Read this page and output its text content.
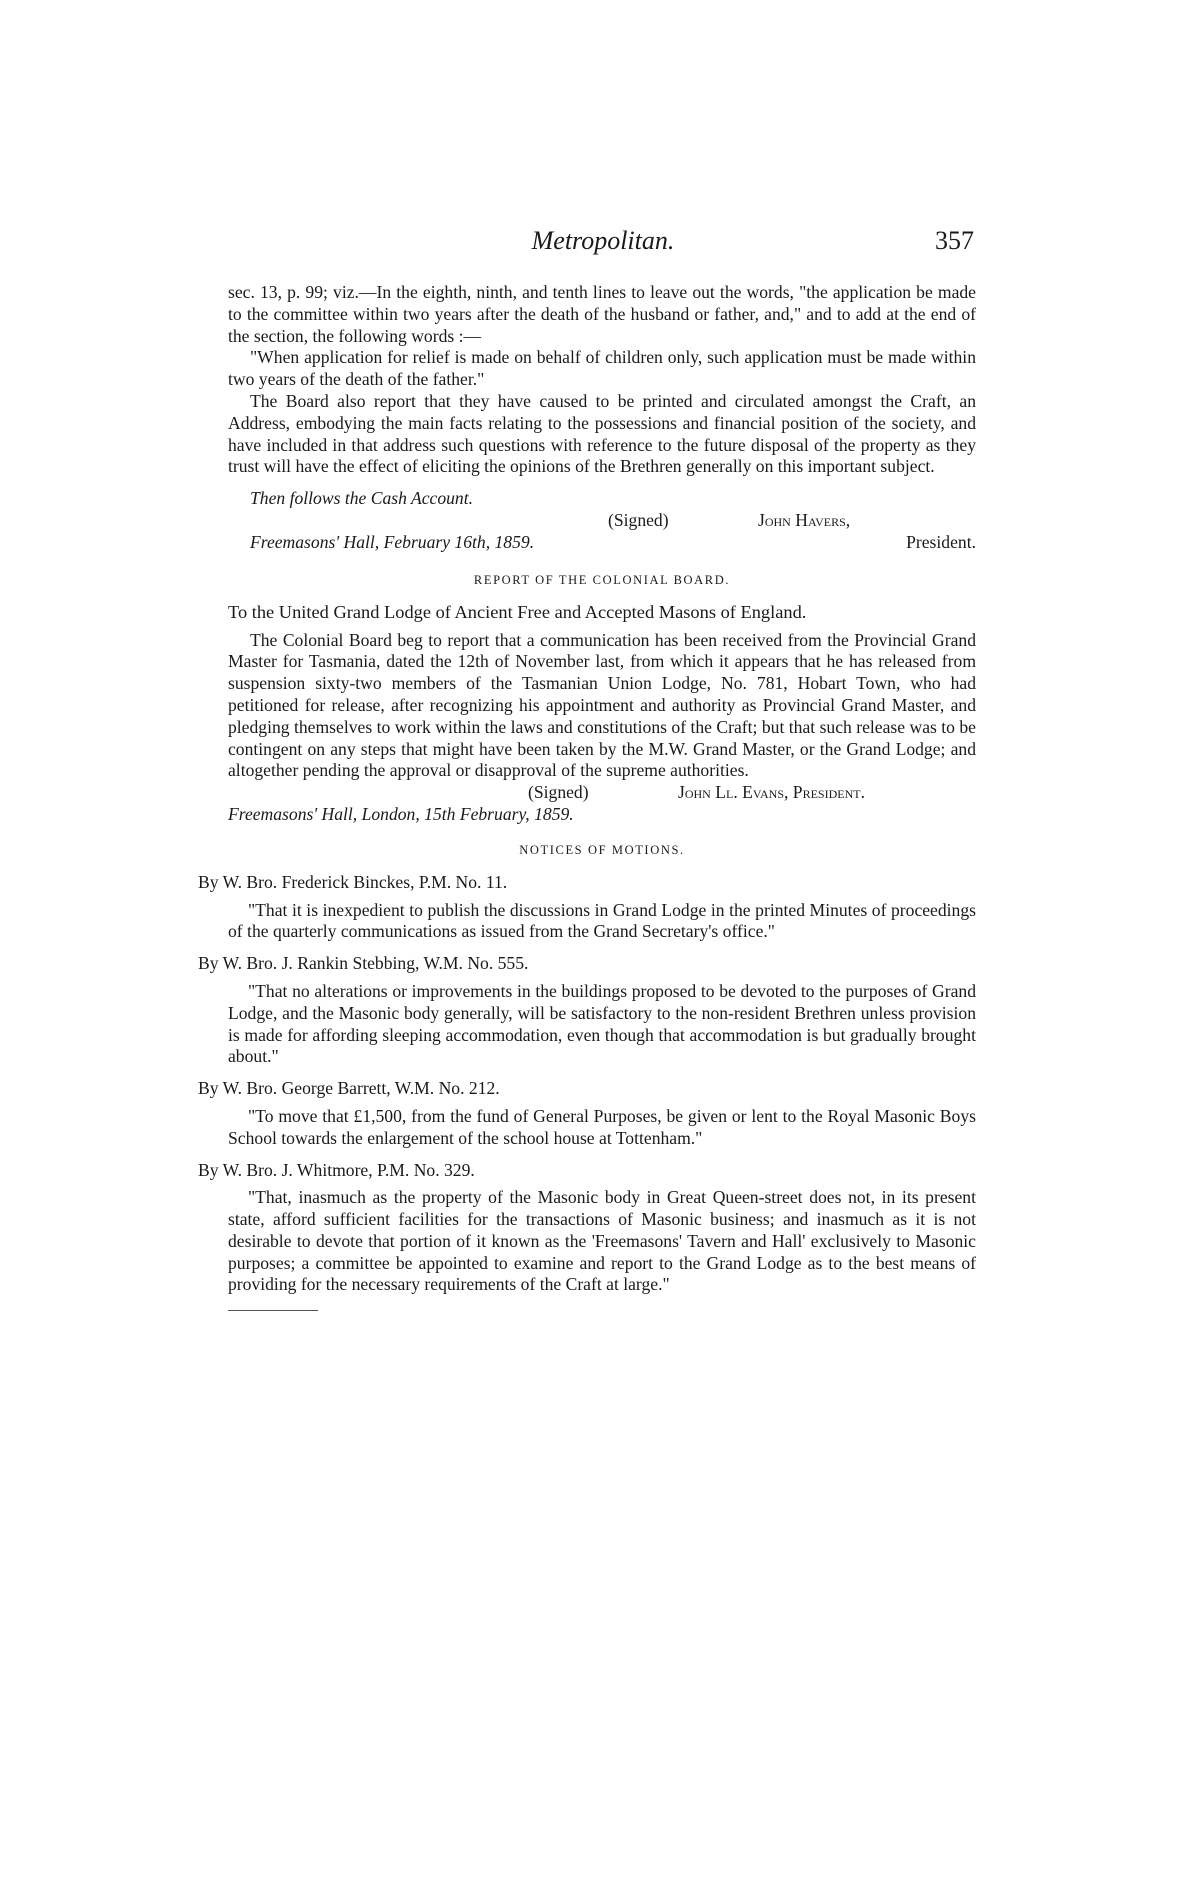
Metropolitan.	357

sec. 13, p. 99; viz.—In the eighth, ninth, and tenth lines to leave out the words, "the application be made to the committee within two years after the death of the husband or father, and," and to add at the end of the section, the following words :—

"When application for relief is made on behalf of children only, such application must be made within two years of the death of the father."

The Board also report that they have caused to be printed and circulated amongst the Craft, an Address, embodying the main facts relating to the possessions and financial position of the society, and have included in that address such questions with reference to the future disposal of the property as they trust will have the effect of eliciting the opinions of the Brethren generally on this important subject.

Then follows the Cash Account.

(Signed)	John Havers,
Freemasons' Hall, February 16th, 1859.	President.
REPORT OF THE COLONIAL BOARD.

To the United Grand Lodge of Ancient Free and Accepted Masons of England.

The Colonial Board beg to report that a communication has been received from the Provincial Grand Master for Tasmania, dated the 12th of November last, from which it appears that he has released from suspension sixty-two members of the Tasmanian Union Lodge, No. 781, Hobart Town, who had petitioned for release, after recognizing his appointment and authority as Provincial Grand Master, and pledging themselves to work within the laws and constitutions of the Craft; but that such release was to be contingent on any steps that might have been taken by the M.W. Grand Master, or the Grand Lodge; and altogether pending the approval or disapproval of the supreme authorities.

(Signed)	John Ll. Evans, President.

Freemasons' Hall, London, 15th February, 1859.

NOTICES OF MOTIONS.

By W. Bro. Frederick Binckes, P.M. No. 11.

"That it is inexpedient to publish the discussions in Grand Lodge in the printed Minutes of proceedings of the quarterly communications as issued from the Grand Secretary's office."

By W. Bro. J. Rankin Stebbing, W.M. No. 555.

"That no alterations or improvements in the buildings proposed to be devoted to the purposes of Grand Lodge, and the Masonic body generally, will be satisfactory to the non-resident Brethren unless provision is made for affording sleeping accommodation, even though that accommodation is but gradually brought about."

By W. Bro. George Barrett, W.M. No. 212.

"To move that £1,500, from the fund of General Purposes, be given or lent to the Royal Masonic Boys School towards the enlargement of the school house at Tottenham."

By W. Bro. J. Whitmore, P.M. No. 329.

"That, inasmuch as the property of the Masonic body in Great Queen-street does not, in its present state, afford sufficient facilities for the transactions of Masonic business; and inasmuch as it is not desirable to devote that portion of it known as the 'Freemasons' Tavern and Hall' exclusively to Masonic purposes; a committee be appointed to examine and report to the Grand Lodge as to the best means of providing for the necessary requirements of the Craft at large."
